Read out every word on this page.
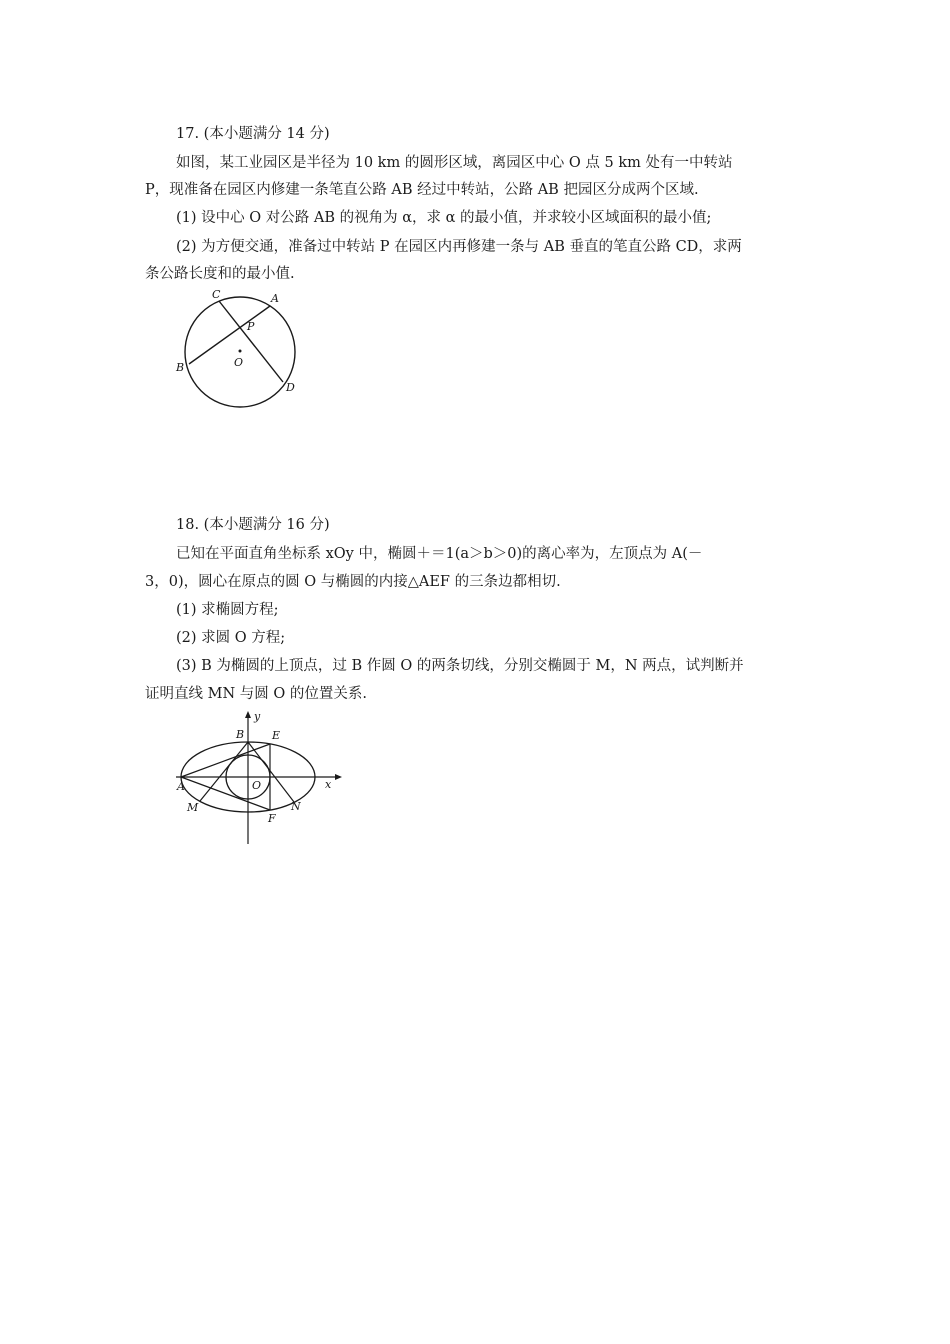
17. (本小题满分 14 分)
如图，某工业园区是半径为 10 km 的圆形区域，离园区中心 O 点 5 km 处有一中转站
P，现准备在园区内修建一条笔直公路 AB 经过中转站，公路 AB 把园区分成两个区域.
(1) 设中心 O 对公路 AB 的视角为 α，求 α 的最小值，并求较小区域面积的最小值;
(2) 为方便交通，准备过中转站 P 在园区内再修建一条与 AB 垂直的笔直公路 CD，求两
条公路长度和的最小值.
C	A
P
O
B
D
18. (本小题满分 16 分)
已知在平面直角坐标系 xOy 中，椭圆＋＝1(a＞b＞0)的离心率为，左顶点为 A(－
3，0)，圆心在原点的圆 O 与椭圆的内接△AEF 的三条边都相切.
(1) 求椭圆方程;
(2) 求圆 O 方程;
(3) B 为椭圆的上顶点，过 B 作圆 O 的两条切线，分别交椭圆于 M，N 两点，试判断并
证明直线 MN 与圆 O 的位置关系.
y
B	E
A	O	x
M
F
N
